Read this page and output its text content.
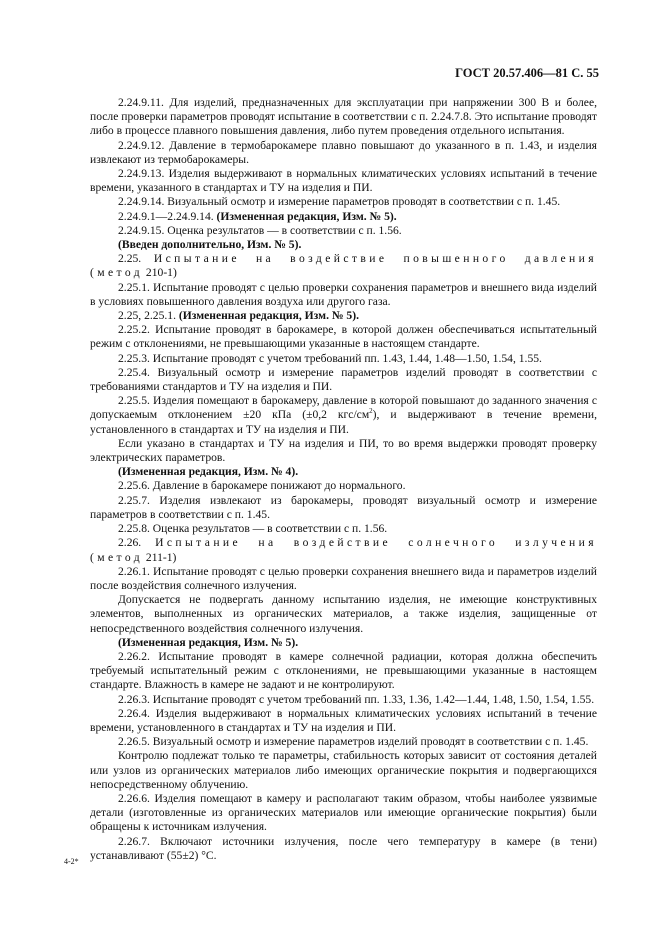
ГОСТ 20.57.406—81 С. 55

2.24.9.11. Для изделий, предназначенных для эксплуатации при напряжении 300 В и более, после проверки параметров проводят испытание в соответствии с п. 2.24.7.8. Это испытание проводят либо в процессе плавного повышения давления, либо путем проведения отдельного испытания.

2.24.9.12. Давление в термобарокамере плавно повышают до указанного в п. 1.43, и изделия извлекают из термобарокамеры.

2.24.9.13. Изделия выдерживают в нормальных климатических условиях испытаний в течение времени, указанного в стандартах и ТУ на изделия и ПИ.

2.24.9.14. Визуальный осмотр и измерение параметров проводят в соответствии с п. 1.45.

2.24.9.1—2.24.9.14. (Измененная редакция, Изм. № 5).

2.24.9.15. Оценка результатов — в соответствии с п. 1.56.

(Введен дополнительно, Изм. № 5).

2.25. Испытание на воздействие повышенного давления (метод 210-1)

2.25.1. Испытание проводят с целью проверки сохранения параметров и внешнего вида изделий в условиях повышенного давления воздуха или другого газа.

2.25, 2.25.1. (Измененная редакция, Изм. № 5).

2.25.2. Испытание проводят в барокамере, в которой должен обеспечиваться испытательный режим с отклонениями, не превышающими указанные в настоящем стандарте.

2.25.3. Испытание проводят с учетом требований пп. 1.43, 1.44, 1.48—1.50, 1.54, 1.55.

2.25.4. Визуальный осмотр и измерение параметров изделий проводят в соответствии с требованиями стандартов и ТУ на изделия и ПИ.

2.25.5. Изделия помещают в барокамеру, давление в которой повышают до заданного значения с допускаемым отклонением ±20 кПа (±0,2 кгс/$см^2$), и выдерживают в течение времени, установленного в стандартах и ТУ на изделия и ПИ.

Если указано в стандартах и ТУ на изделия и ПИ, то во время выдержки проводят проверку электрических параметров.

(Измененная редакция, Изм. № 4).

2.25.6. Давление в барокамере понижают до нормального.

2.25.7. Изделия извлекают из барокамеры, проводят визуальный осмотр и измерение параметров в соответствии с п. 1.45.

2.25.8. Оценка результатов — в соответствии с п. 1.56.

2.26. Испытание на воздействие солнечного излучения (метод 211-1)

2.26.1. Испытание проводят с целью проверки сохранения внешнего вида и параметров изделий после воздействия солнечного излучения.

Допускается не подвергать данному испытанию изделия, не имеющие конструктивных элементов, выполненных из органических материалов, а также изделия, защищенные от непосредственного воздействия солнечного излучения.

(Измененная редакция, Изм. № 5).

2.26.2. Испытание проводят в камере солнечной радиации, которая должна обеспечить требуемый испытательный режим с отклонениями, не превышающими указанные в настоящем стандарте. Влажность в камере не задают и не контролируют.

2.26.3. Испытание проводят с учетом требований пп. 1.33, 1.36, 1.42—1.44, 1.48, 1.50, 1.54, 1.55.

2.26.4. Изделия выдерживают в нормальных климатических условиях испытаний в течение времени, установленного в стандартах и ТУ на изделия и ПИ.

2.26.5. Визуальный осмотр и измерение параметров изделий проводят в соответствии с п. 1.45.

Контролю подлежат только те параметры, стабильность которых зависит от состояния деталей или узлов из органических материалов либо имеющих органические покрытия и подвергающихся непосредственному облучению.

2.26.6. Изделия помещают в камеру и располагают таким образом, чтобы наиболее уязвимые детали (изготовленные из органических материалов или имеющие органические покрытия) были обращены к источникам излучения.

2.26.7. Включают источники излучения, после чего температуру в камере (в тени) устанавливают (55±2) °С.

4-2*
